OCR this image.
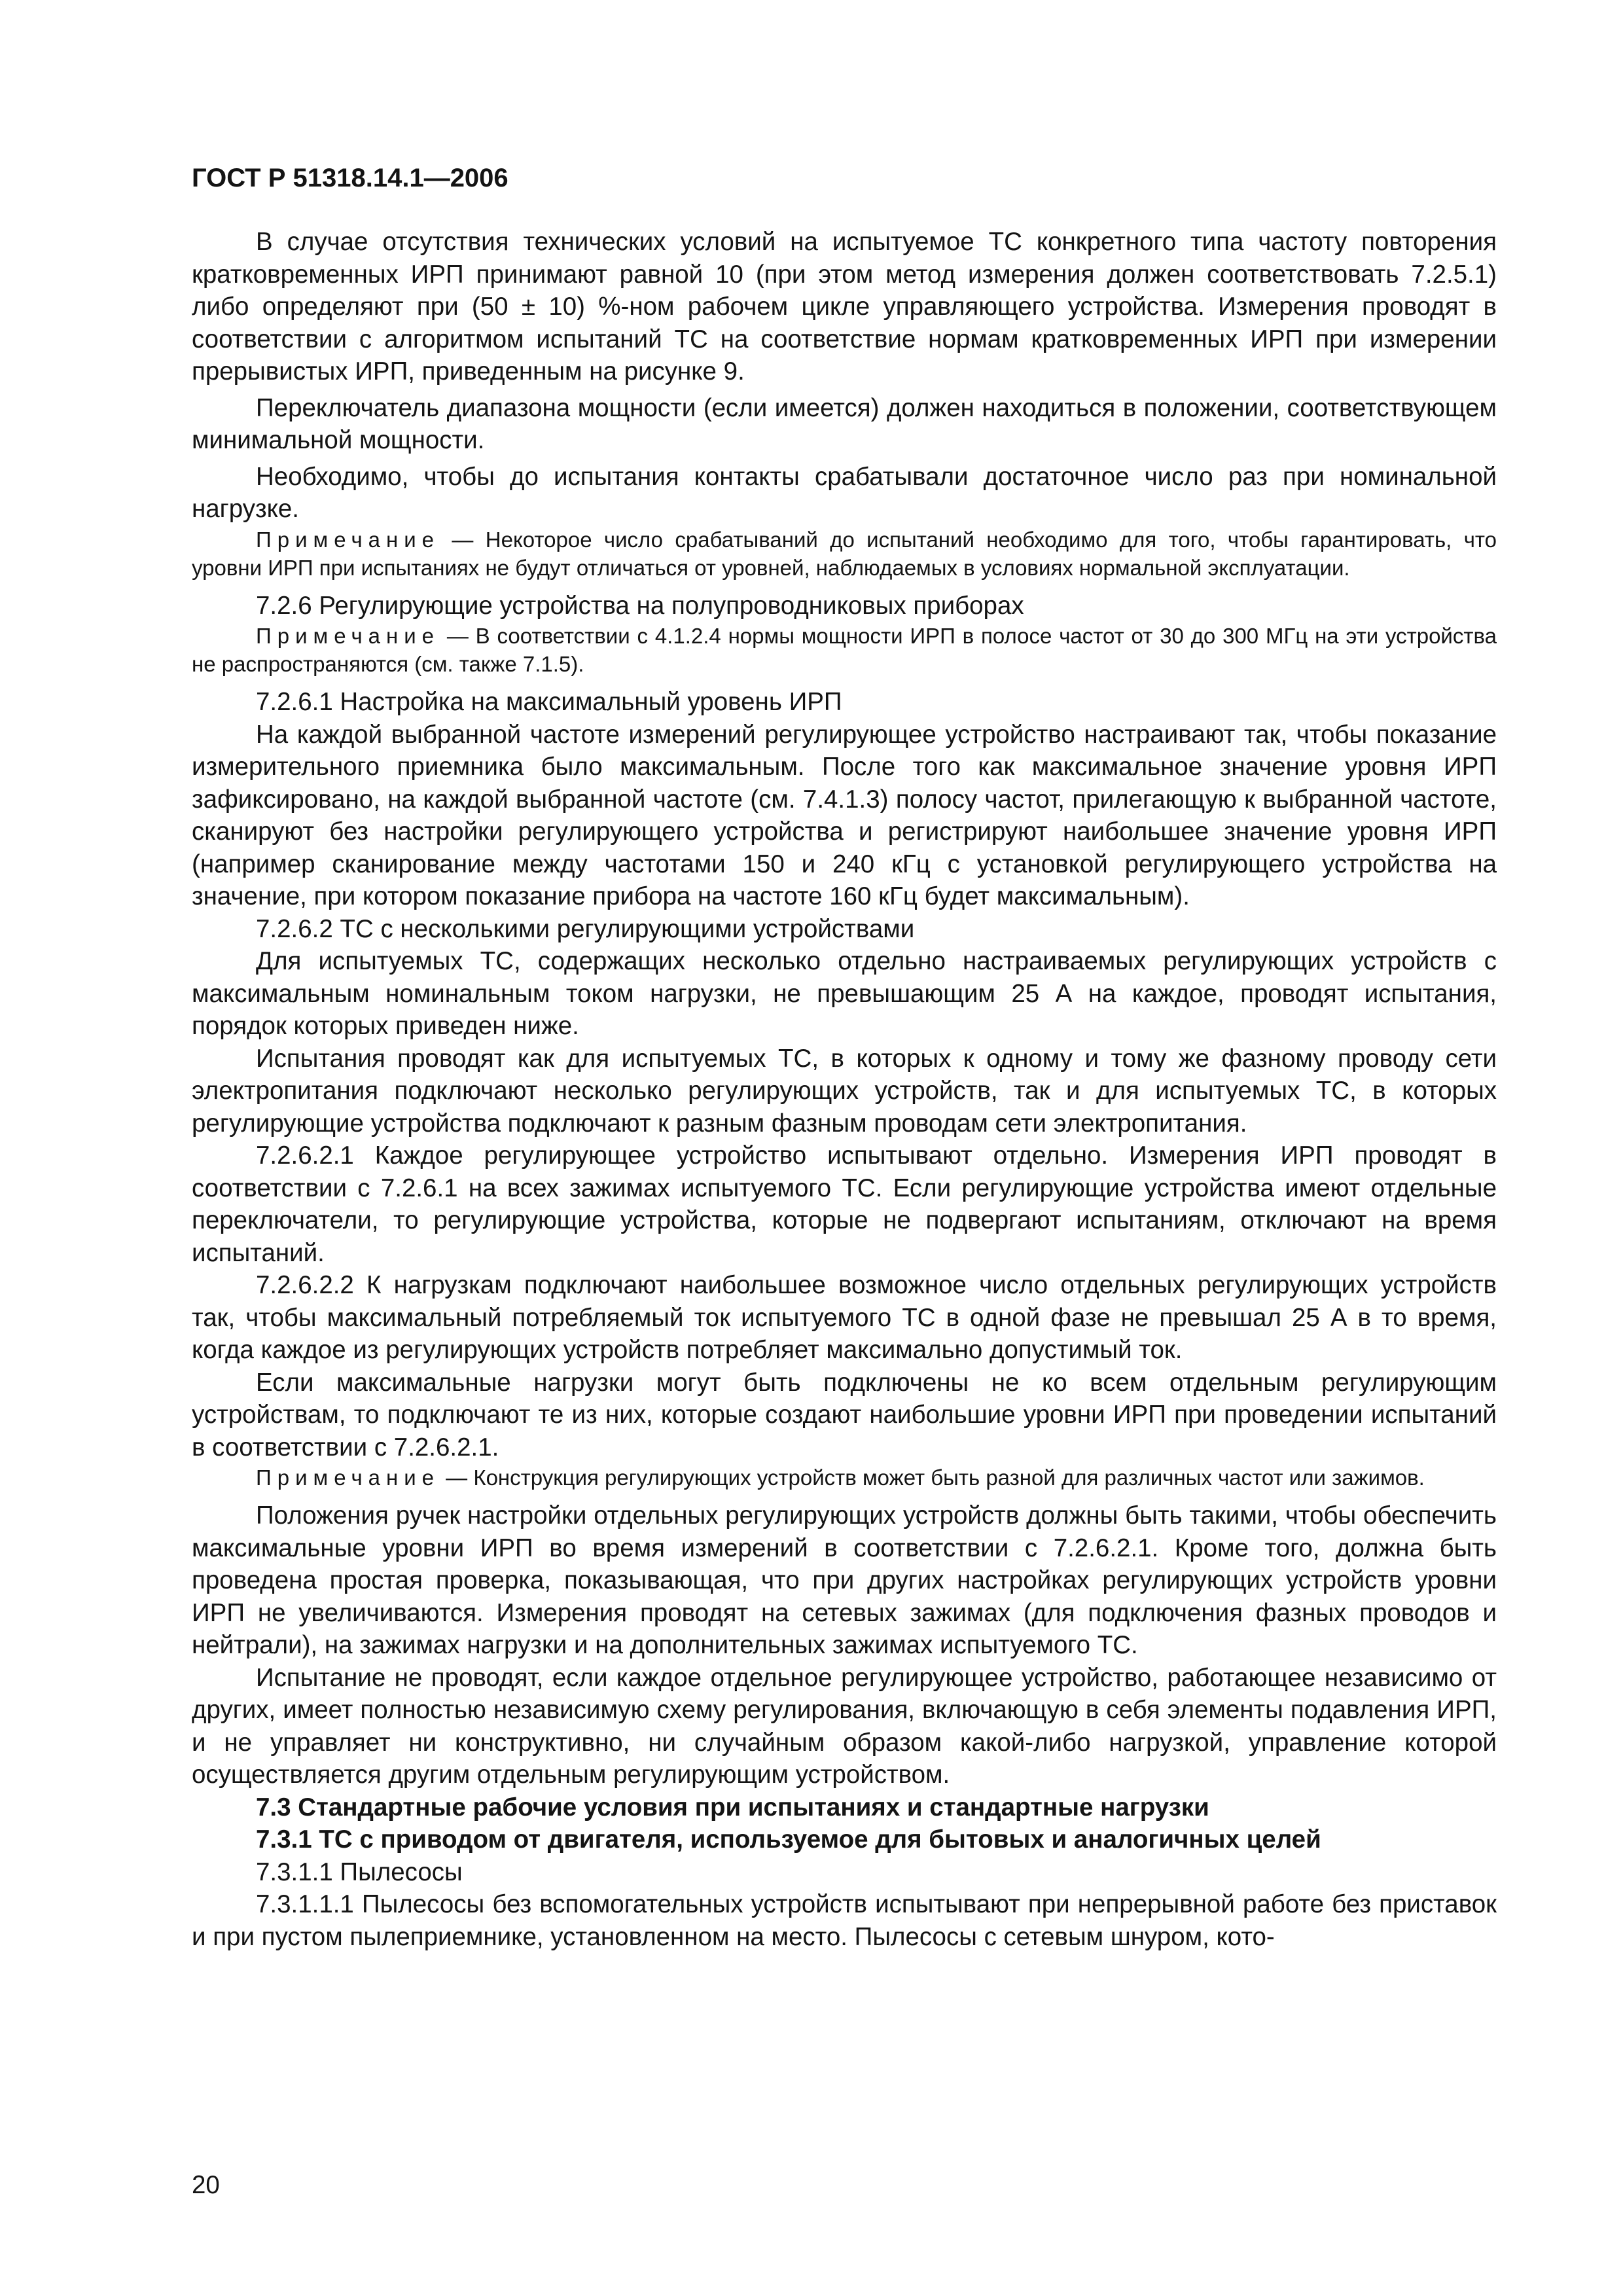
ГОСТ Р 51318.14.1—2006

В случае отсутствия технических условий на испытуемое ТС конкретного типа частоту повторения кратковременных ИРП принимают равной 10 (при этом метод измерения должен соответствовать 7.2.5.1) либо определяют при (50 ± 10) %-ном рабочем цикле управляющего устройства. Измерения проводят в соответствии с алгоритмом испытаний ТС на соответствие нормам кратковременных ИРП при измерении прерывистых ИРП, приведенным на рисунке 9.

Переключатель диапазона мощности (если имеется) должен находиться в положении, соответствующем минимальной мощности.

Необходимо, чтобы до испытания контакты срабатывали достаточное число раз при номинальной нагрузке.

Примечание — Некоторое число срабатываний до испытаний необходимо для того, чтобы гарантировать, что уровни ИРП при испытаниях не будут отличаться от уровней, наблюдаемых в условиях нормальной эксплуатации.

7.2.6 Регулирующие устройства на полупроводниковых приборах

Примечание — В соответствии с 4.1.2.4 нормы мощности ИРП в полосе частот от 30 до 300 МГц на эти устройства не распространяются (см. также 7.1.5).

7.2.6.1 Настройка на максимальный уровень ИРП

На каждой выбранной частоте измерений регулирующее устройство настраивают так, чтобы показание измерительного приемника было максимальным. После того как максимальное значение уровня ИРП зафиксировано, на каждой выбранной частоте (см. 7.4.1.3) полосу частот, прилегающую к выбранной частоте, сканируют без настройки регулирующего устройства и регистрируют наибольшее значение уровня ИРП (например сканирование между частотами 150 и 240 кГц с установкой регулирующего устройства на значение, при котором показание прибора на частоте 160 кГц будет максимальным).

7.2.6.2 ТС с несколькими регулирующими устройствами

Для испытуемых ТС, содержащих несколько отдельно настраиваемых регулирующих устройств с максимальным номинальным током нагрузки, не превышающим 25 А на каждое, проводят испытания, порядок которых приведен ниже.

Испытания проводят как для испытуемых ТС, в которых к одному и тому же фазному проводу сети электропитания подключают несколько регулирующих устройств, так и для испытуемых ТС, в которых регулирующие устройства подключают к разным фазным проводам сети электропитания.

7.2.6.2.1 Каждое регулирующее устройство испытывают отдельно. Измерения ИРП проводят в соответствии с 7.2.6.1 на всех зажимах испытуемого ТС. Если регулирующие устройства имеют отдельные переключатели, то регулирующие устройства, которые не подвергают испытаниям, отключают на время испытаний.

7.2.6.2.2 К нагрузкам подключают наибольшее возможное число отдельных регулирующих устройств так, чтобы максимальный потребляемый ток испытуемого ТС в одной фазе не превышал 25 А в то время, когда каждое из регулирующих устройств потребляет максимально допустимый ток.

Если максимальные нагрузки могут быть подключены не ко всем отдельным регулирующим устройствам, то подключают те из них, которые создают наибольшие уровни ИРП при проведении испытаний в соответствии с 7.2.6.2.1.

Примечание — Конструкция регулирующих устройств может быть разной для различных частот или зажимов.

Положения ручек настройки отдельных регулирующих устройств должны быть такими, чтобы обеспечить максимальные уровни ИРП во время измерений в соответствии с 7.2.6.2.1. Кроме того, должна быть проведена простая проверка, показывающая, что при других настройках регулирующих устройств уровни ИРП не увеличиваются. Измерения проводят на сетевых зажимах (для подключения фазных проводов и нейтрали), на зажимах нагрузки и на дополнительных зажимах испытуемого ТС.

Испытание не проводят, если каждое отдельное регулирующее устройство, работающее независимо от других, имеет полностью независимую схему регулирования, включающую в себя элементы подавления ИРП, и не управляет ни конструктивно, ни случайным образом какой-либо нагрузкой, управление которой осуществляется другим отдельным регулирующим устройством.

7.3 Стандартные рабочие условия при испытаниях и стандартные нагрузки

7.3.1 ТС с приводом от двигателя, используемое для бытовых и аналогичных целей

7.3.1.1 Пылесосы

7.3.1.1.1 Пылесосы без вспомогательных устройств испытывают при непрерывной работе без приставок и при пустом пылеприемнике, установленном на место. Пылесосы с сетевым шнуром, кото-

20
